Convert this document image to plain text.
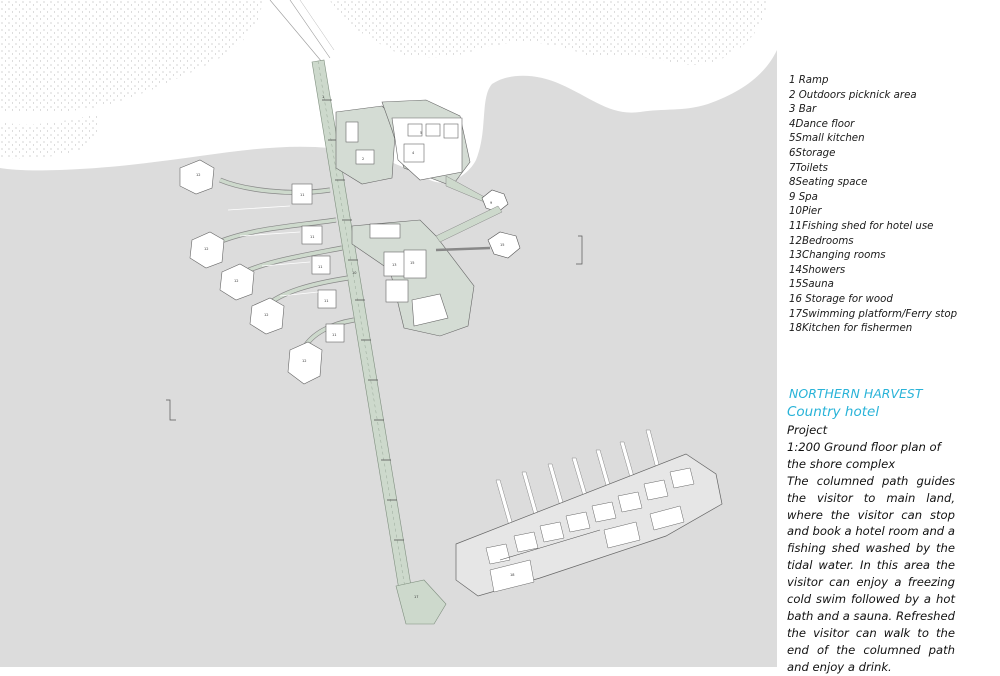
1
2
5
4
9
10
11
11
11
11
11
12
12
12
12
12
13	15
15
17
18
1 Ramp
2 Outdoors picknick area
3 Bar
4Dance floor
5Small kitchen
6Storage
7Toilets
8Seating space
9 Spa
10Pier
11Fishing shed for hotel use
12Bedrooms
13Changing rooms
14Showers
15Sauna
16 Storage for wood
17Swimming platform/Ferry stop
18Kitchen for fishermen
NORTHERN HARVEST
Country hotel
Project
1:200 Ground floor plan of the shore complex
The columned path guides the visitor to main land, where the visitor can stop and book a hotel room and a fishing shed washed by the tidal water. In this area the visitor can enjoy a freezing cold swim followed by a hot bath and a sauna. Refreshed the visitor can walk to the end of the columned path and enjoy a drink.
